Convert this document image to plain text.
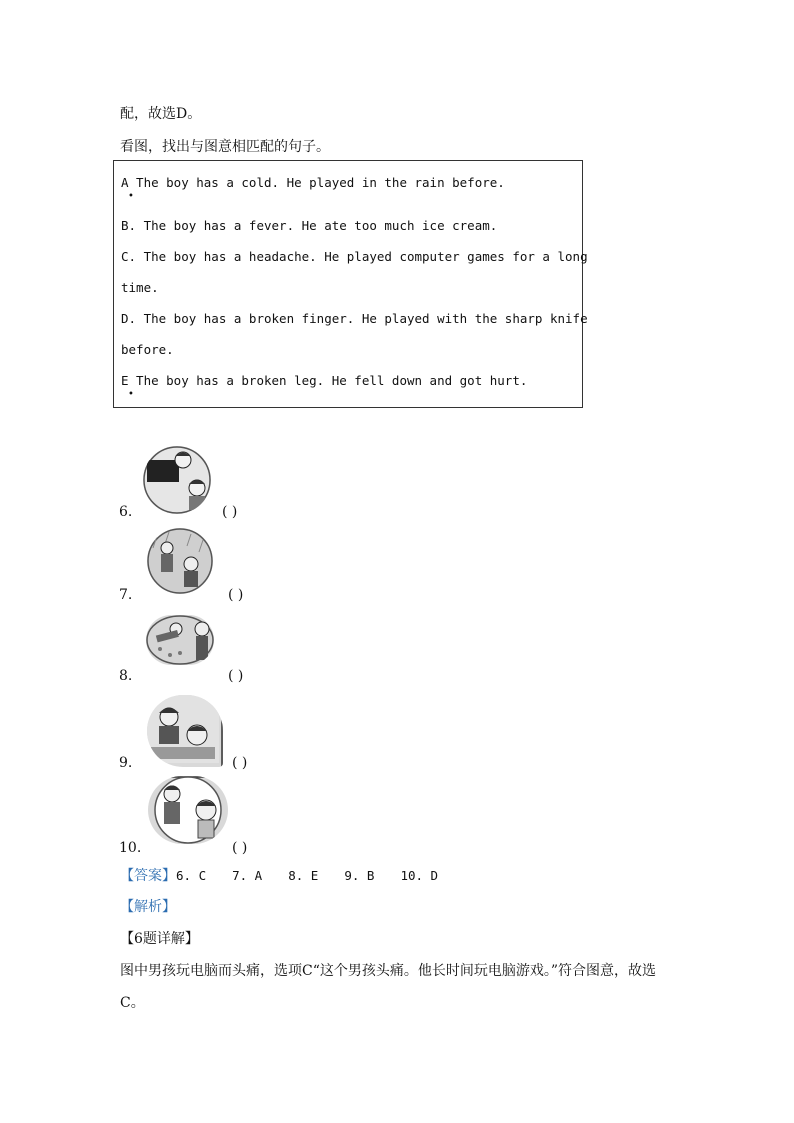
配，故选D。
看图，找出与图意相匹配的句子。
A The boy has a cold. He played in the rain before.
•
B. The boy has a fever. He ate too much ice cream.
C. The boy has a headache. He played computer games for a long
time.
D. The boy has a broken finger. He played with the sharp knife
before.
E The boy has a broken leg. He fell down and got hurt.
•
6.	( )
7.	( )
8.	( )
9.	( )
10.	( )
【答案】6. C 7. A 8. E 9. B 10. D
【解析】
【6题详解】
图中男孩玩电脑而头痛，选项C“这个男孩头痛。他长时间玩电脑游戏。”符合图意，故选
C。
